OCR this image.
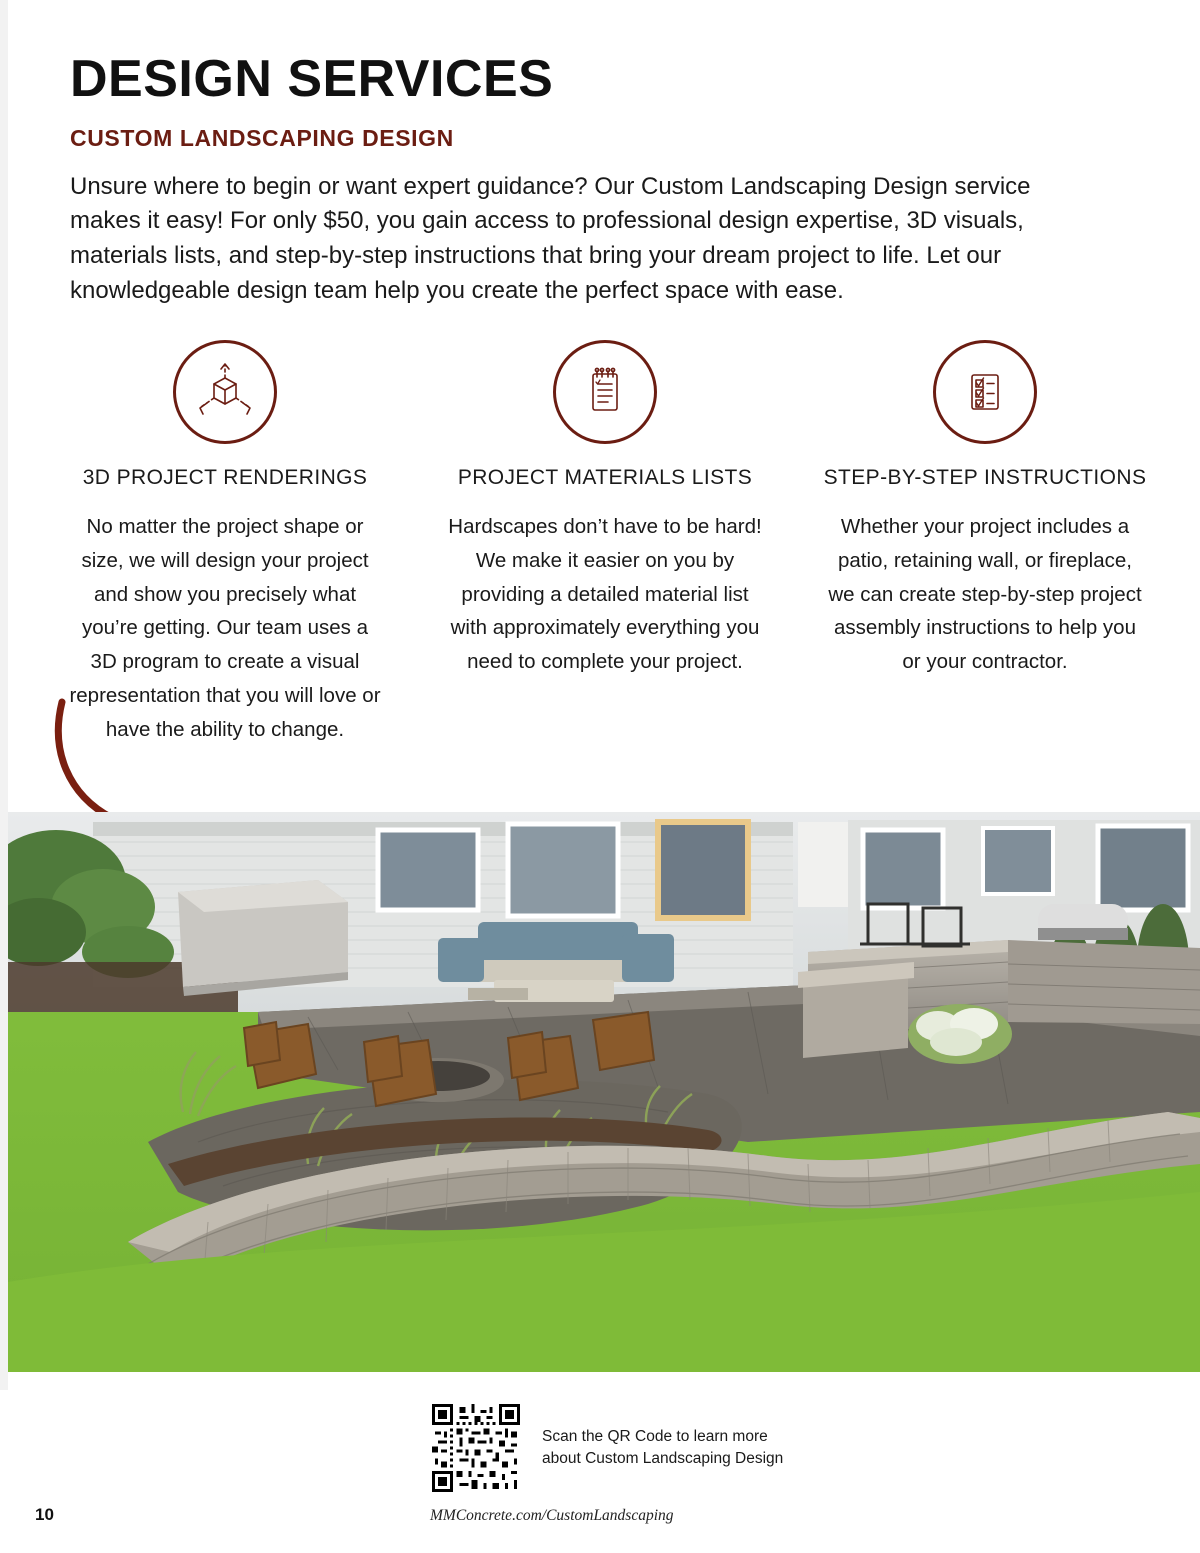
DESIGN SERVICES
CUSTOM LANDSCAPING DESIGN

Unsure where to begin or want expert guidance? Our Custom Landscaping Design service makes it easy! For only $50, you gain access to professional design expertise, 3D visuals, materials lists, and step-by-step instructions that bring your dream project to life. Let our knowledgeable design team help you create the perfect space with ease.

3D PROJECT RENDERINGS
No matter the project shape or size, we will design your project and show you precisely what you’re getting. Our team uses a 3D program to create a visual representation that you will love or have the ability to change.
PROJECT MATERIALS LISTS
Hardscapes don’t have to be hard! We make it easier on you by providing a detailed material list with approximately everything you need to complete your project.
STEP-BY-STEP INSTRUCTIONS
Whether your project includes a patio, retaining wall, or fireplace, we can create step-by-step project assembly instructions to help you or your contractor.
Scan the QR Code to learn more
about Custom Landscaping Design
MMConcrete.com/CustomLandscaping
10
